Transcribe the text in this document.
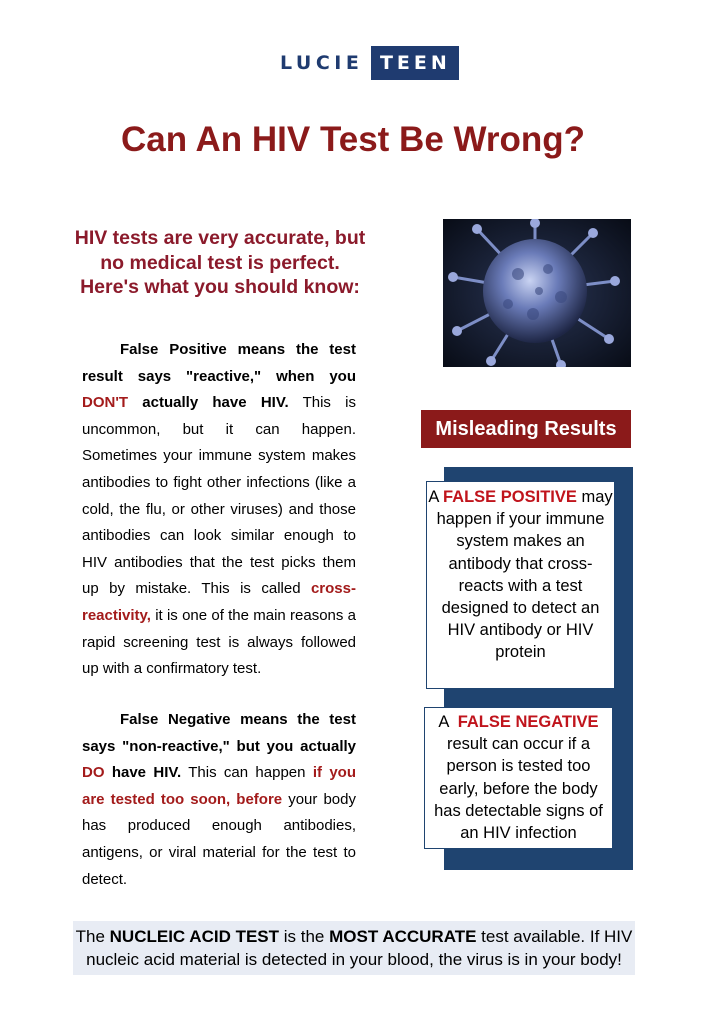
LUCIE TEEN
Can An HIV Test Be Wrong?
HIV tests are very accurate, but
no medical test is perfect.
Here's what you should know:
False Positive means the test result says "reactive," when you DON'T actually have HIV. This is uncommon, but it can happen. Sometimes your immune system makes antibodies to fight other infections (like a cold, the flu, or other viruses) and those antibodies can look similar enough to HIV antibodies that the test picks them up by mistake. This is called cross-reactivity, it is one of the main reasons a rapid screening test is always followed up with a confirmatory test.
False Negative means the test says "non-reactive," but you actually DO have HIV. This can happen if you are tested too soon, before your body has produced enough antibodies, antigens, or viral material for the test to detect.
Misleading Results
A FALSE POSITIVE may happen if your immune system makes an antibody that cross-reacts with a test designed to detect an HIV antibody or HIV protein
A  FALSE NEGATIVE result can occur if a person is tested too early, before the body has detectable signs of an HIV infection
The NUCLEIC ACID TEST is the MOST ACCURATE test available. If HIV nucleic acid material is detected in your blood, the virus is in your body!
